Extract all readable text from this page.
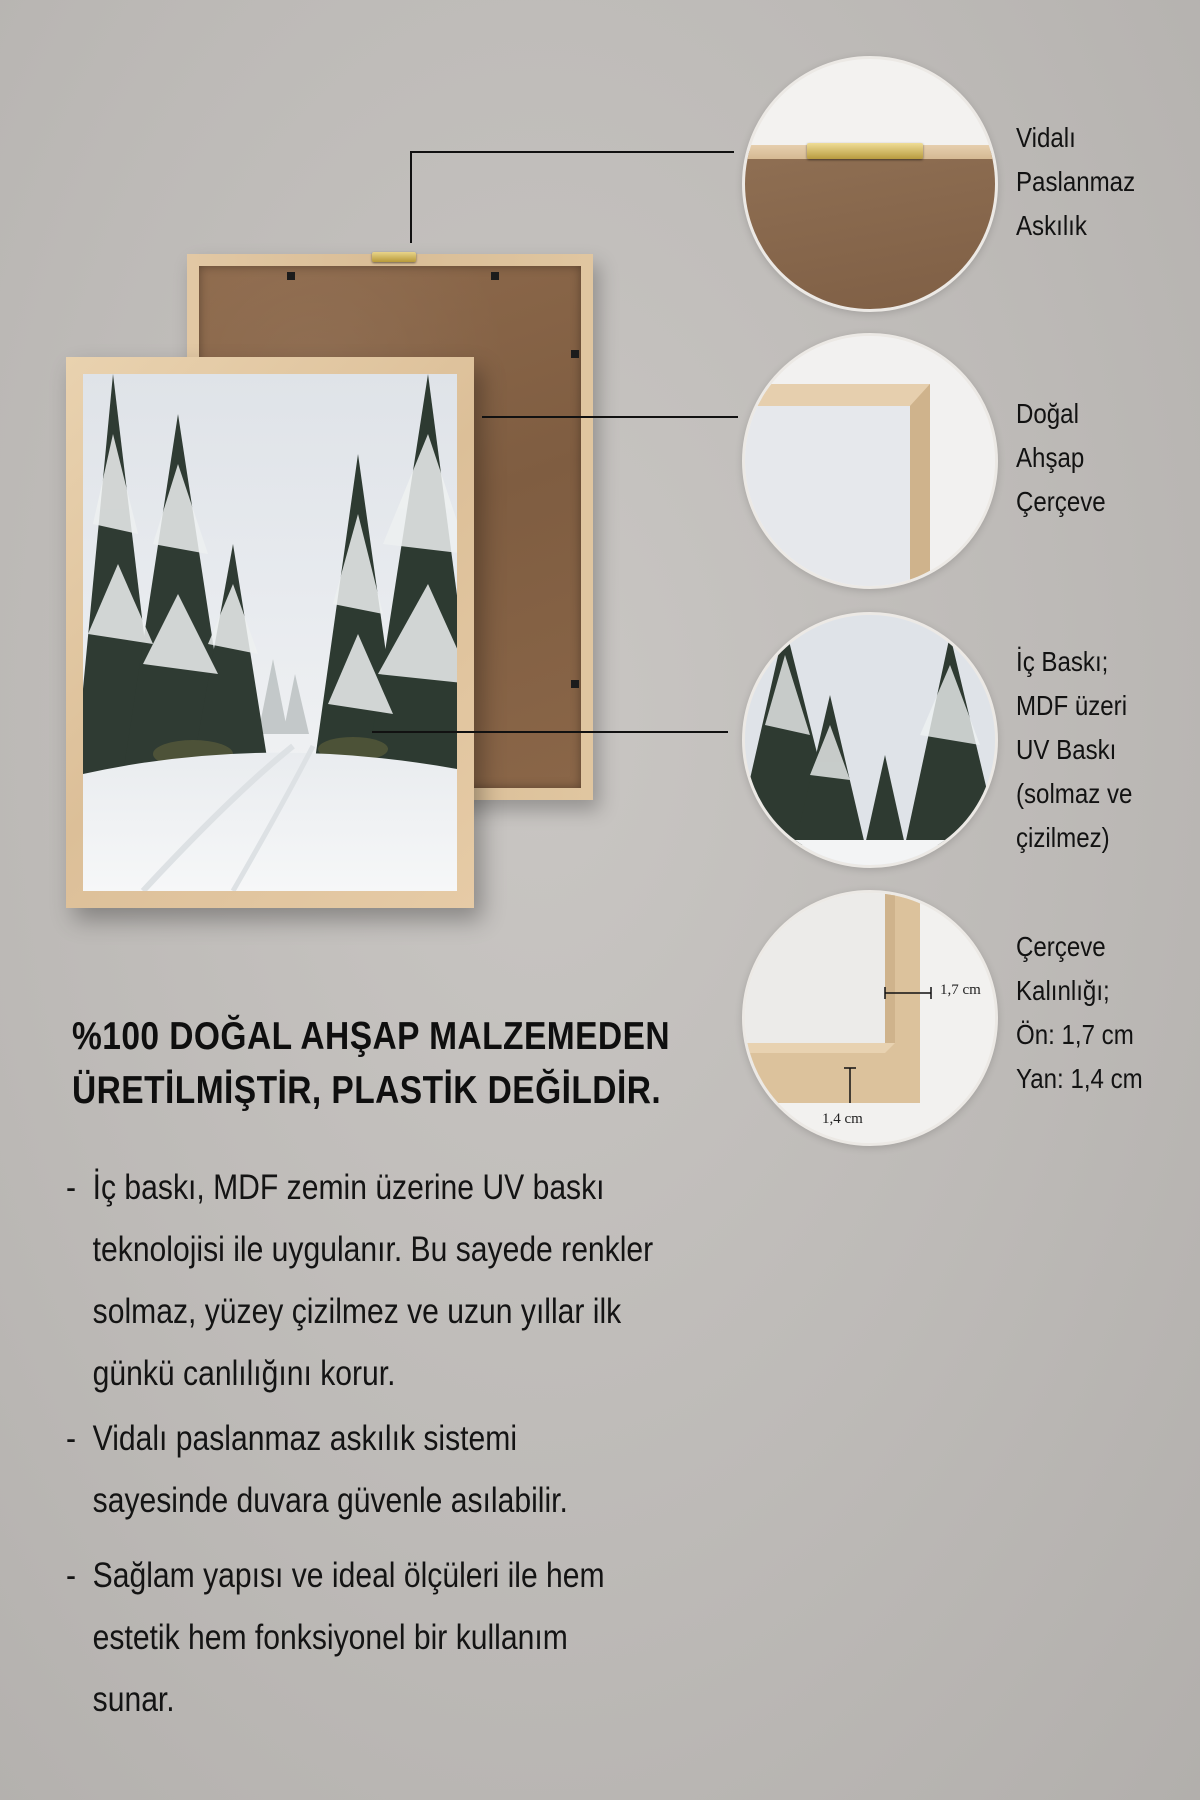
1,7 cm
1,4 cm
Vidalı
Paslanmaz
Askılık
Doğal
Ahşap
Çerçeve
İç Baskı;
MDF üzeri
UV Baskı
(solmaz ve
çizilmez)
Çerçeve
Kalınlığı;
Ön: 1,7 cm
Yan: 1,4 cm
%100 DOĞAL AHŞAP MALZEMEDEN
ÜRETİLMİŞTİR, PLASTİK DEĞİLDİR.
- İç baskı, MDF zemin üzerine UV baskı
teknolojisi ile uygulanır. Bu sayede renkler
solmaz, yüzey çizilmez ve uzun yıllar ilk
günkü canlılığını korur.
- Vidalı paslanmaz askılık sistemi
sayesinde duvara güvenle asılabilir.
- Sağlam yapısı ve ideal ölçüleri ile hem
estetik hem fonksiyonel bir kullanım
sunar.
